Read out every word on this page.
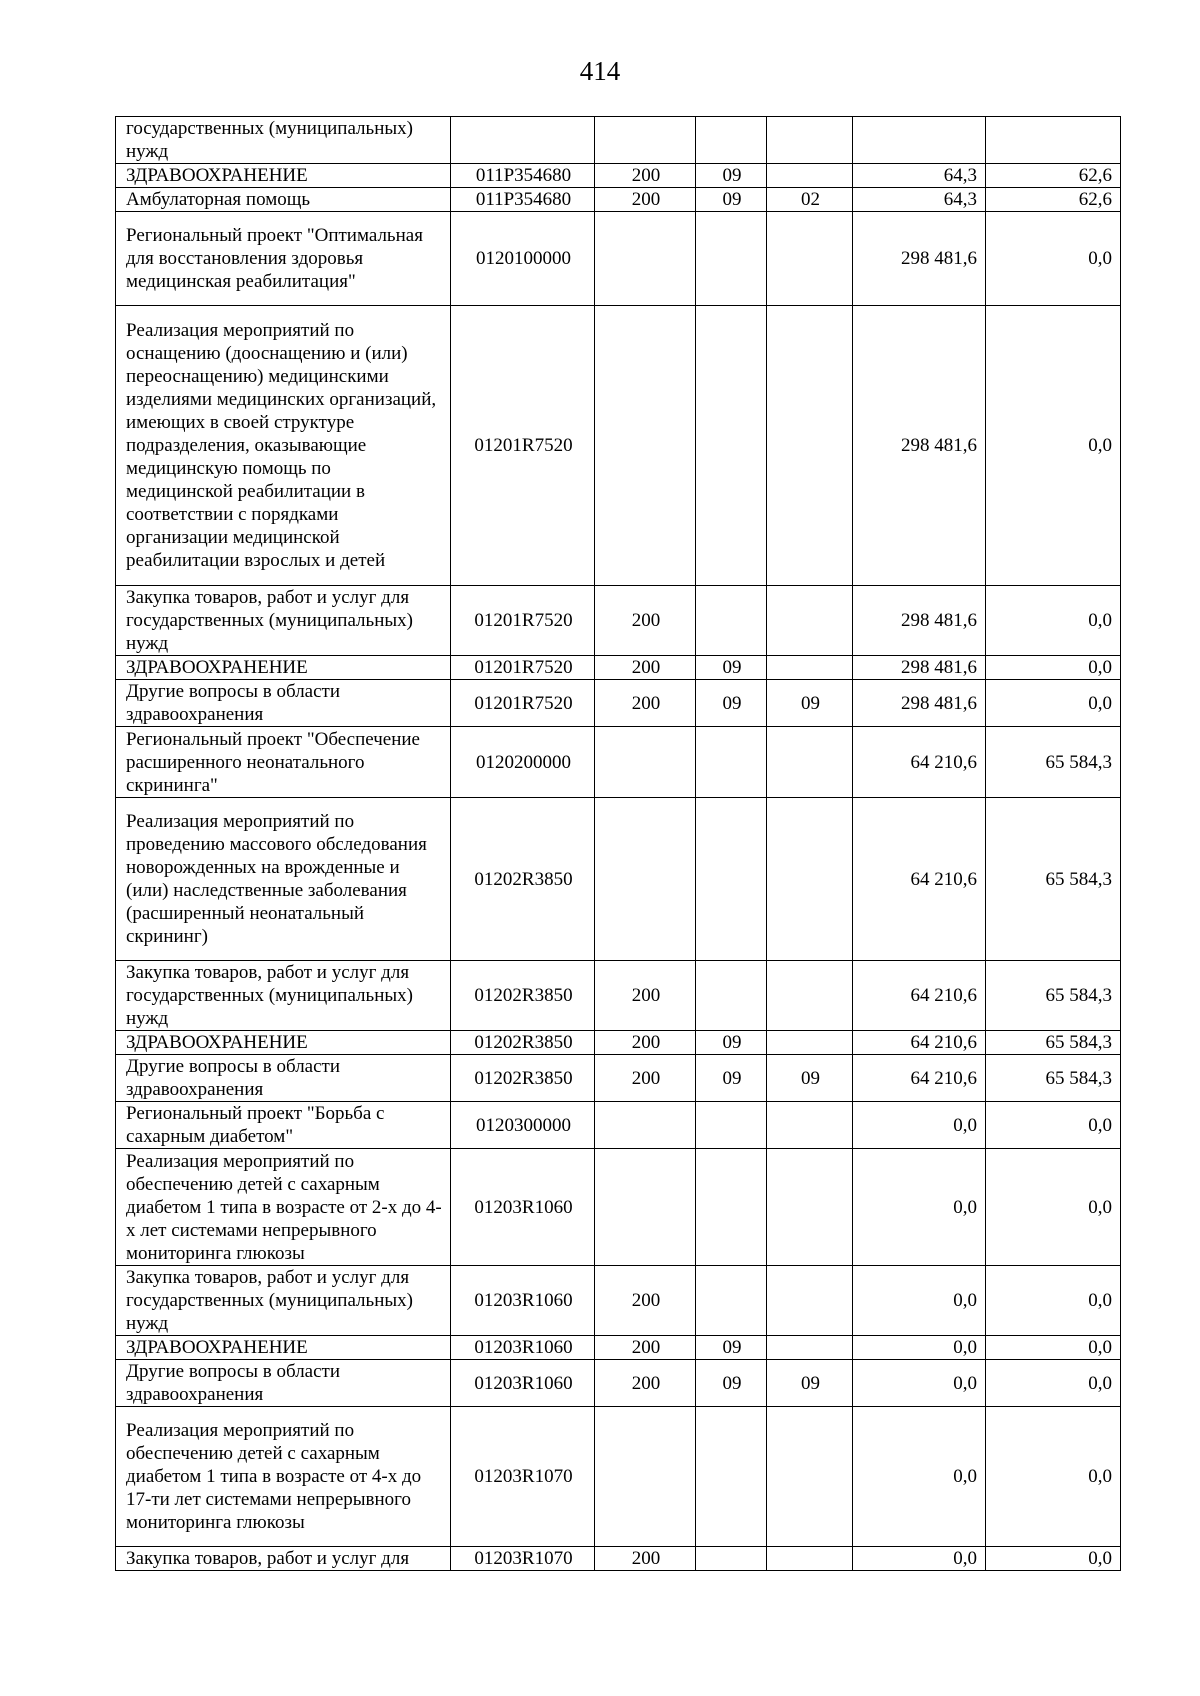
414
государственных (муниципальных) нужд						
ЗДРАВООХРАНЕНИЕ	011P354680	200	09		64,3	62,6
Амбулаторная помощь	011P354680	200	09	02	64,3	62,6
Региональный проект "Оптимальная для восстановления здоровья медицинская реабилитация"	0120100000				298 481,6	0,0
Реализация мероприятий по оснащению (дооснащению и (или) переоснащению) медицинскими изделиями медицинских организаций, имеющих в своей структуре подразделения, оказывающие медицинскую помощь по медицинской реабилитации в соответствии с порядками организации медицинской реабилитации взрослых и детей	01201R7520				298 481,6	0,0
Закупка товаров, работ и услуг для государственных (муниципальных) нужд	01201R7520	200			298 481,6	0,0
ЗДРАВООХРАНЕНИЕ	01201R7520	200	09		298 481,6	0,0
Другие вопросы в области здравоохранения	01201R7520	200	09	09	298 481,6	0,0
Региональный проект "Обеспечение расширенного неонатального скрининга"	0120200000				64 210,6	65 584,3
Реализация мероприятий по проведению массового обследования новорожденных на врожденные и (или) наследственные заболевания (расширенный неонатальный скрининг)	01202R3850				64 210,6	65 584,3
Закупка товаров, работ и услуг для государственных (муниципальных) нужд	01202R3850	200			64 210,6	65 584,3
ЗДРАВООХРАНЕНИЕ	01202R3850	200	09		64 210,6	65 584,3
Другие вопросы в области здравоохранения	01202R3850	200	09	09	64 210,6	65 584,3
Региональный проект "Борьба с сахарным диабетом"	0120300000				0,0	0,0
Реализация мероприятий по обеспечению детей с сахарным диабетом 1 типа в возрасте от 2-х до 4-х лет системами непрерывного мониторинга глюкозы	01203R1060				0,0	0,0
Закупка товаров, работ и услуг для государственных (муниципальных) нужд	01203R1060	200			0,0	0,0
ЗДРАВООХРАНЕНИЕ	01203R1060	200	09		0,0	0,0
Другие вопросы в области здравоохранения	01203R1060	200	09	09	0,0	0,0
Реализация мероприятий по обеспечению детей с сахарным диабетом 1 типа в возрасте от 4-х до 17-ти лет системами непрерывного мониторинга глюкозы	01203R1070				0,0	0,0
Закупка товаров, работ и услуг для	01203R1070	200			0,0	0,0
